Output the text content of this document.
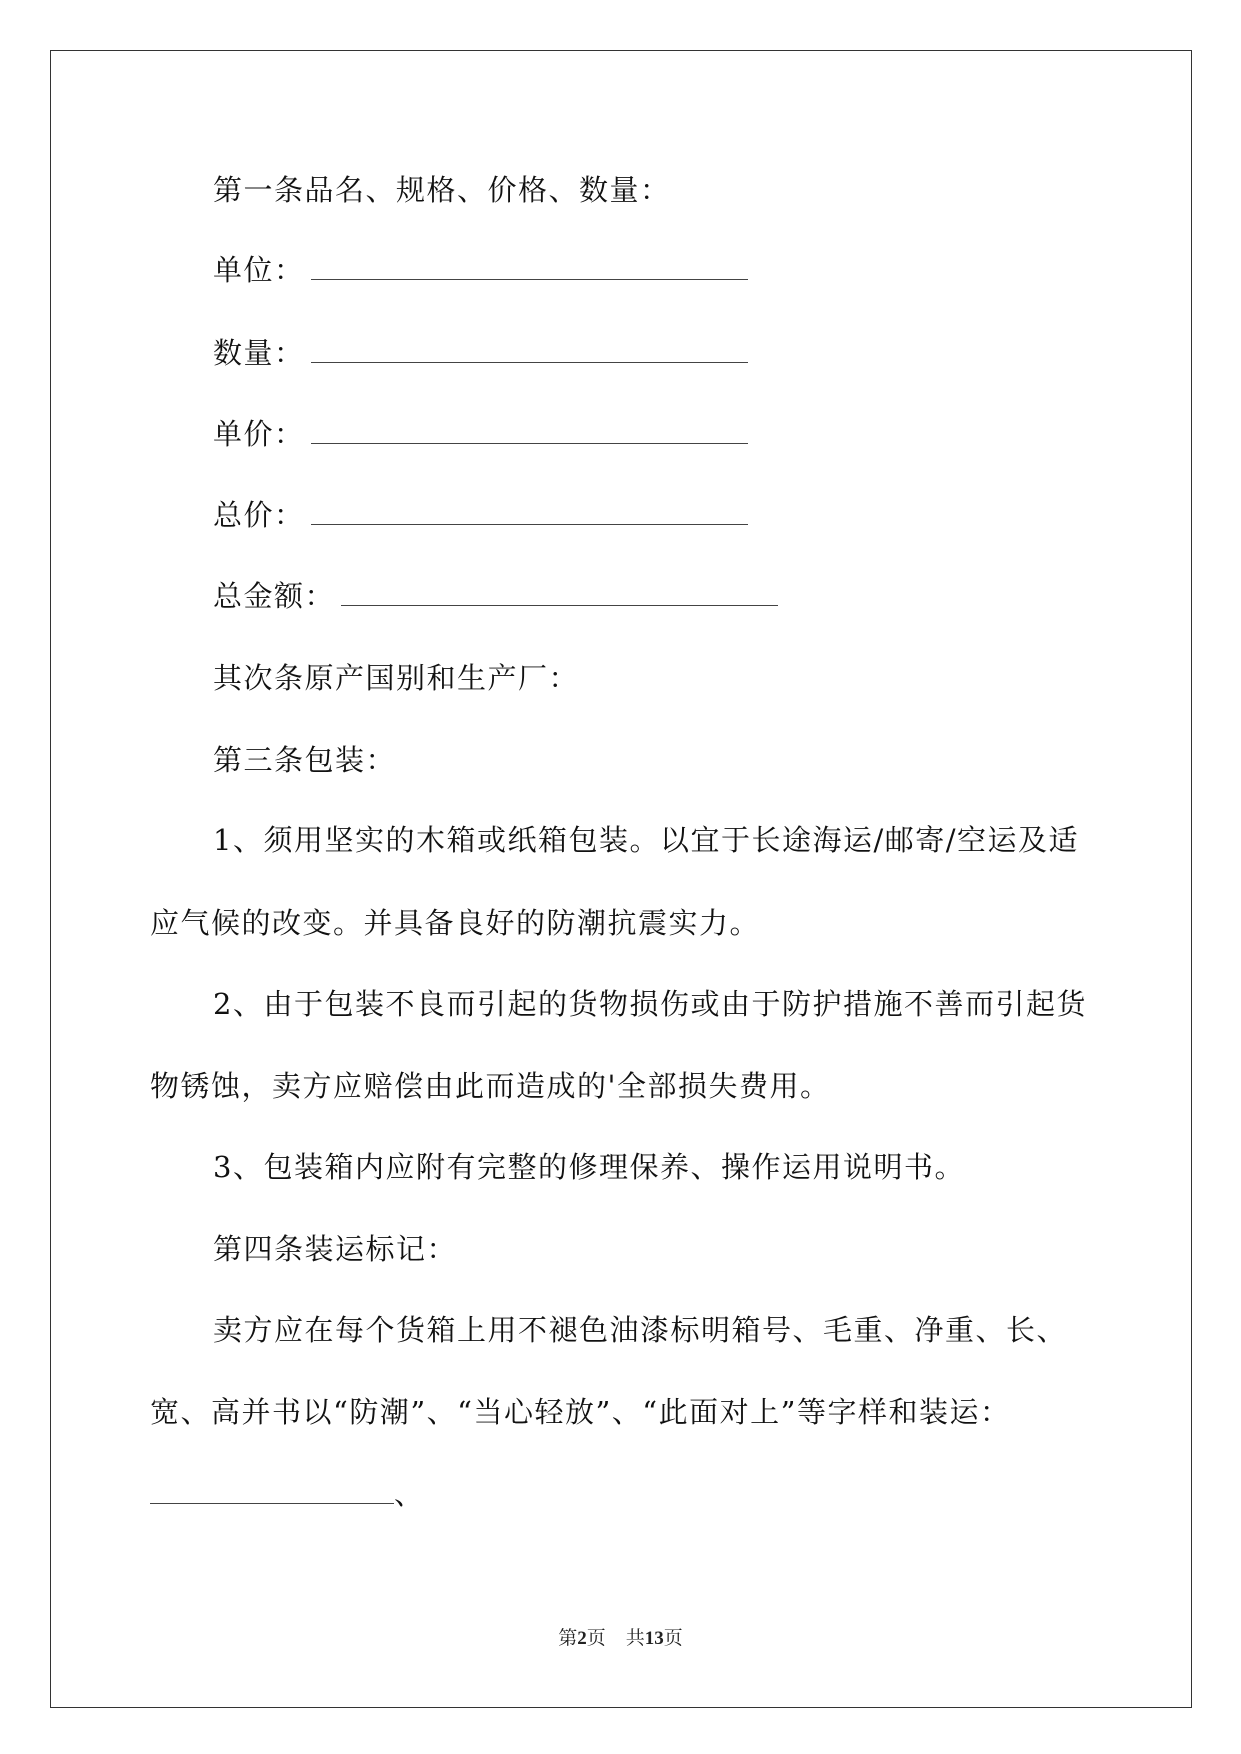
第一条品名、规格、价格、数量：
单位：
数量：
单价：
总价：
总金额：
其次条原产国别和生产厂：
第三条包装：
1、须用坚实的木箱或纸箱包装。以宜于长途海运/邮寄/空运及适
应气候的改变。并具备良好的防潮抗震实力。
2、由于包装不良而引起的货物损伤或由于防护措施不善而引起货
物锈蚀，卖方应赔偿由此而造成的'全部损失费用。
3、包装箱内应附有完整的修理保养、操作运用说明书。
第四条装运标记：
卖方应在每个货箱上用不褪色油漆标明箱号、毛重、净重、长、
宽、高并书以“防潮”、“当心轻放”、“此面对上”等字样和装运：
、
第2页 共13页
